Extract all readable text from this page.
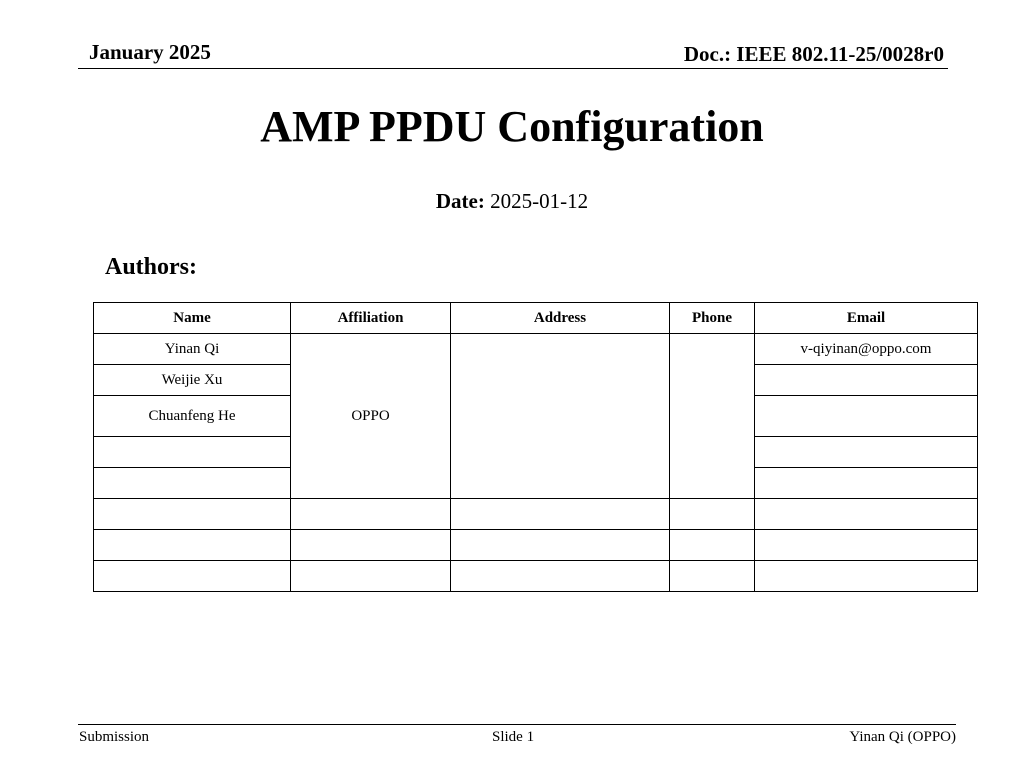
January 2025	Doc.: IEEE 802.11-25/0028r0
AMP PPDU Configuration
Date: 2025-01-12
Authors:
Name	Affiliation	Address	Phone	Email
Yinan Qi	OPPO			v-qiyinan@oppo.com
Weijie Xu				
Chuanfeng He				

Submission	Slide 1	Yinan Qi (OPPO)
